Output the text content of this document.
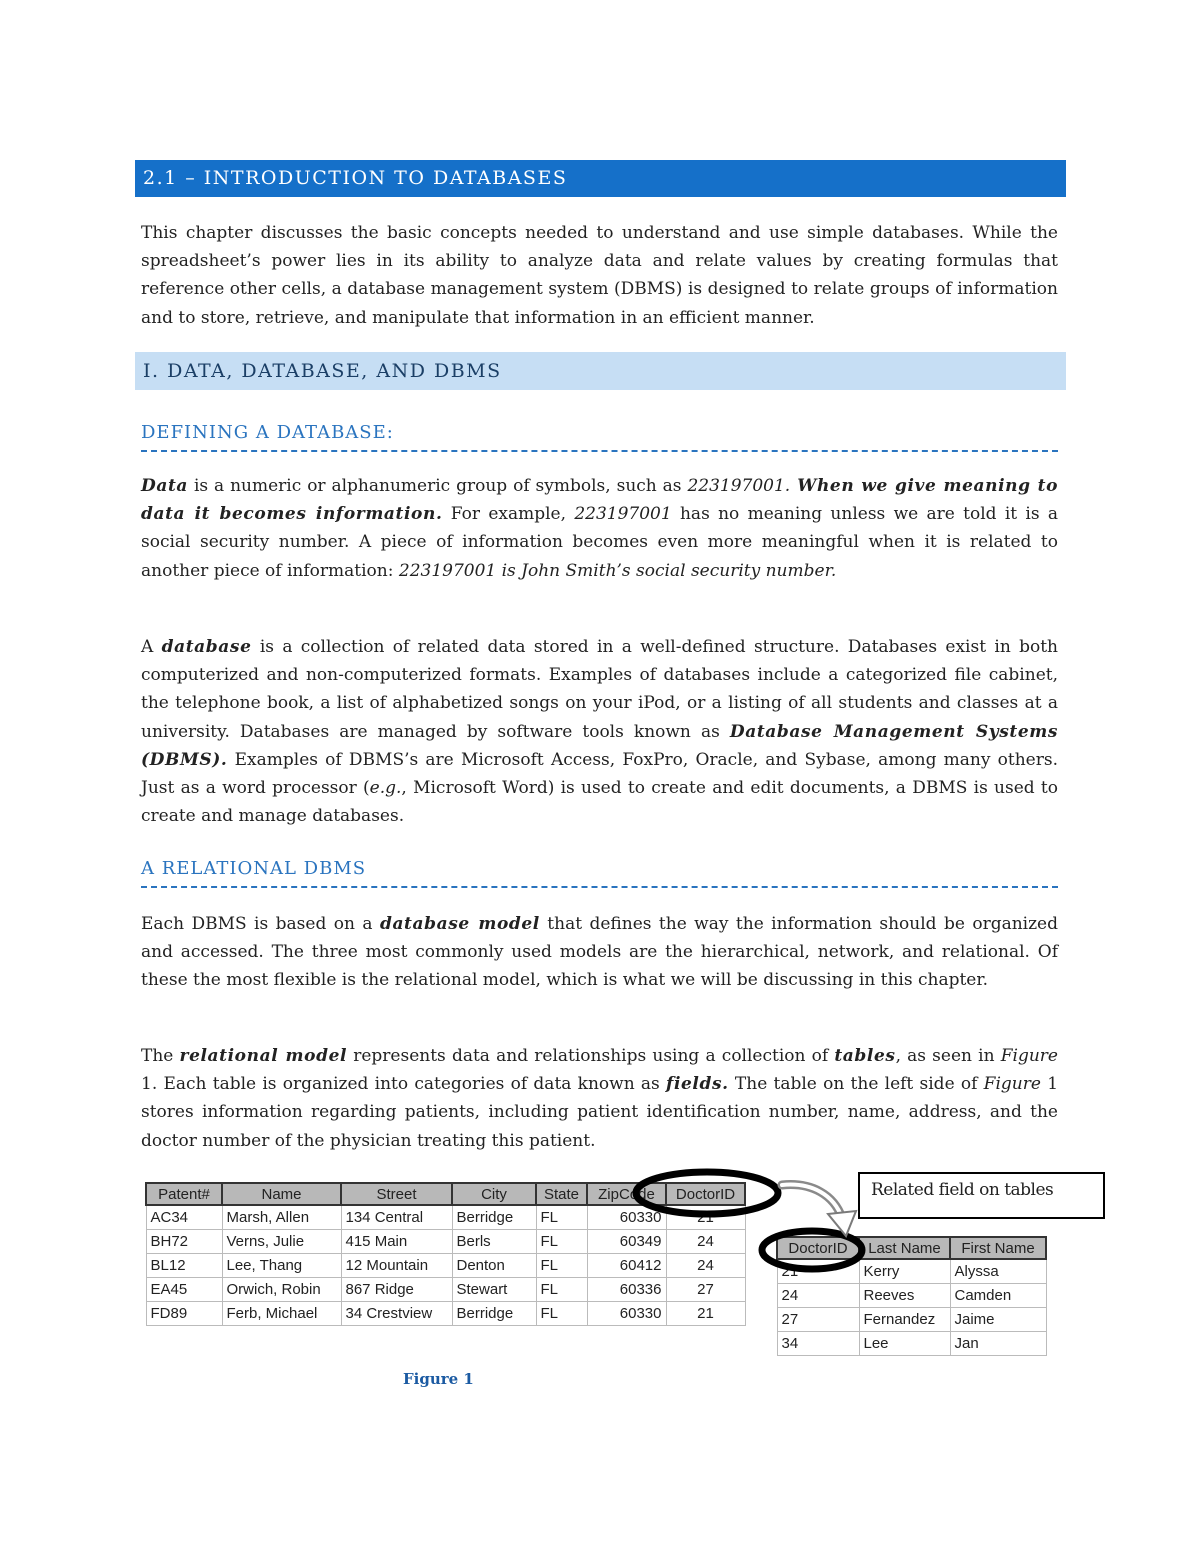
2.1 – INTRODUCTION TO DATABASES

This chapter discusses the basic concepts needed to understand and use simple databases. While the spreadsheet’s power lies in its ability to analyze data and relate values by creating formulas that reference other cells, a database management system (DBMS) is designed to relate groups of information and to store, retrieve, and manipulate that information in an efficient manner.

I. DATA, DATABASE, AND DBMS
DEFINING A DATABASE:

Data is a numeric or alphanumeric group of symbols, such as 223197001. When we give meaning to data it becomes information. For example, 223197001 has no meaning unless we are told it is a social security number. A piece of information becomes even more meaningful when it is related to another piece of information: 223197001 is John Smith’s social security number.

A database is a collection of related data stored in a well-defined structure. Databases exist in both computerized and non-computerized formats. Examples of databases include a categorized file cabinet, the telephone book, a list of alphabetized songs on your iPod, or a listing of all students and classes at a university. Databases are managed by software tools known as Database Management Systems (DBMS). Examples of DBMS’s are Microsoft Access, FoxPro, Oracle, and Sybase, among many others. Just as a word processor (e.g., Microsoft Word) is used to create and edit documents, a DBMS is used to create and manage databases.

A RELATIONAL DBMS

Each DBMS is based on a database model that defines the way the information should be organized and accessed. The three most commonly used models are the hierarchical, network, and relational. Of these the most flexible is the relational model, which is what we will be discussing in this chapter.

The relational model represents data and relationships using a collection of tables, as seen in Figure 1. Each table is organized into categories of data known as fields. The table on the left side of Figure 1 stores information regarding patients, including patient identification number, name, address, and the doctor number of the physician treating this patient.

Patent#	Name	Street	City	State	ZipCode	DoctorID
AC34	Marsh, Allen	134 Central	Berridge	FL	60330	21
BH72	Verns, Julie	415 Main	Berls	FL	60349	24
BL12	Lee, Thang	12 Mountain	Denton	FL	60412	24
EA45	Orwich, Robin	867 Ridge	Stewart	FL	60336	27
FD89	Ferb, Michael	34 Crestview	Berridge	FL	60330	21
DoctorID	Last Name	First Name
21	Kerry	Alyssa
24	Reeves	Camden
27	Fernandez	Jaime
34	Lee	Jan
Related field on tables
Figure 1
